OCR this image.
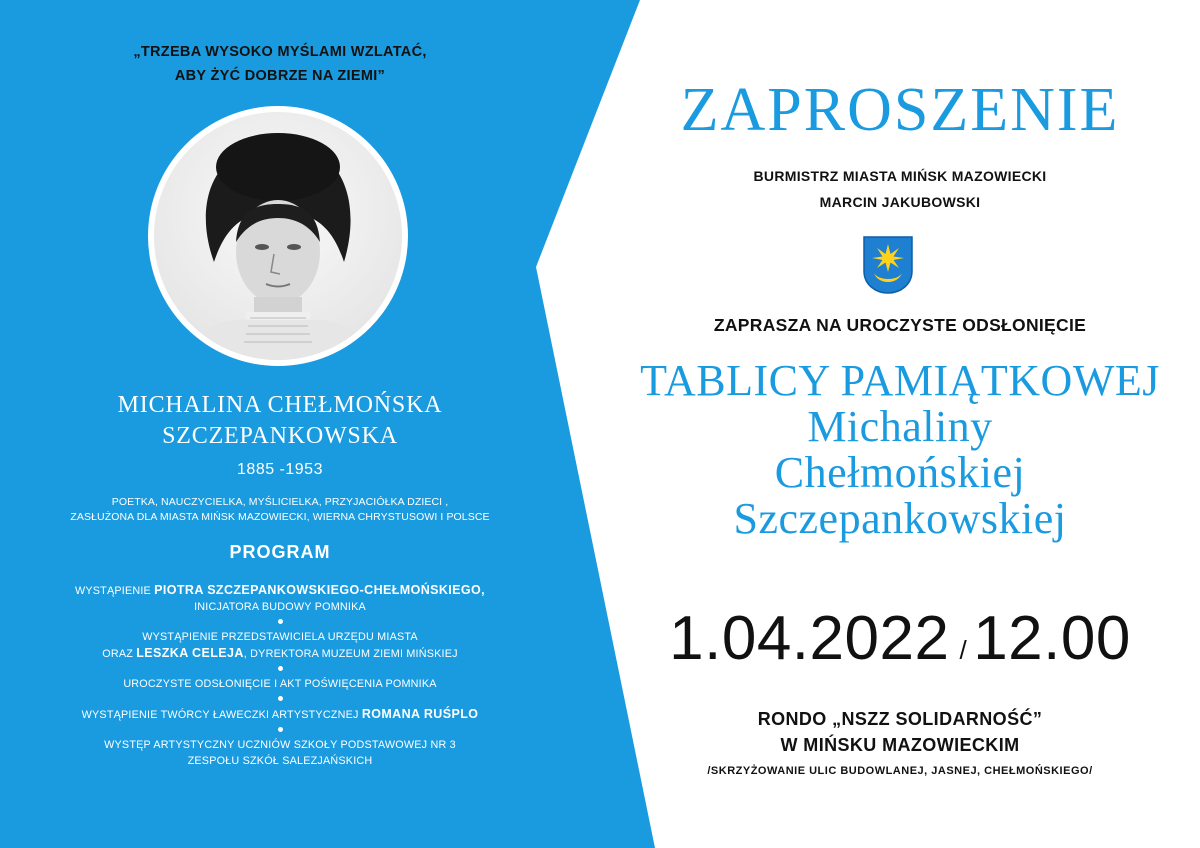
„TRZEBA WYSOKO MYŚLAMI WZLATAĆ,
ABY ŻYĆ DOBRZE NA ZIEMI”
MICHALINA CHEŁMOŃSKA
SZCZEPANKOWSKA
1885 -1953
POETKA, NAUCZYCIELKA, MYŚLICIELKA, PRZYJACIÓŁKA DZIECI ,
ZASŁUŻONA DLA MIASTA MIŃSK MAZOWIECKI, WIERNA CHRYSTUSOWI I POLSCE
PROGRAM
WYSTĄPIENIE PIOTRA SZCZEPANKOWSKIEGO-CHEŁMOŃSKIEGO,
INICJATORA BUDOWY POMNIKA
WYSTĄPIENIE PRZEDSTAWICIELA URZĘDU MIASTA
ORAZ LESZKA CELEJA, DYREKTORA MUZEUM ZIEMI MIŃSKIEJ
UROCZYSTE ODSŁONIĘCIE I AKT POŚWIĘCENIA POMNIKA
WYSTĄPIENIE TWÓRCY ŁAWECZKI ARTYSTYCZNEJ ROMANA RUŚPLO
WYSTĘP ARTYSTYCZNY UCZNIÓW SZKOŁY PODSTAWOWEJ NR 3
ZESPOŁU SZKÓŁ SALEZJAŃSKICH
ZAPROSZENIE
BURMISTRZ MIASTA MIŃSK MAZOWIECKI
MARCIN JAKUBOWSKI
ZAPRASZA NA UROCZYSTE ODSŁONIĘCIE
TABLICY PAMIĄTKOWEJ
Michaliny
Chełmońskiej
Szczepankowskiej
1.04.2022 /12.00
RONDO „NSZZ SOLIDARNOŚĆ”
W MIŃSKU MAZOWIECKIM
/SKRZYŻOWANIE ULIC BUDOWLANEJ, JASNEJ, CHEŁMOŃSKIEGO/
